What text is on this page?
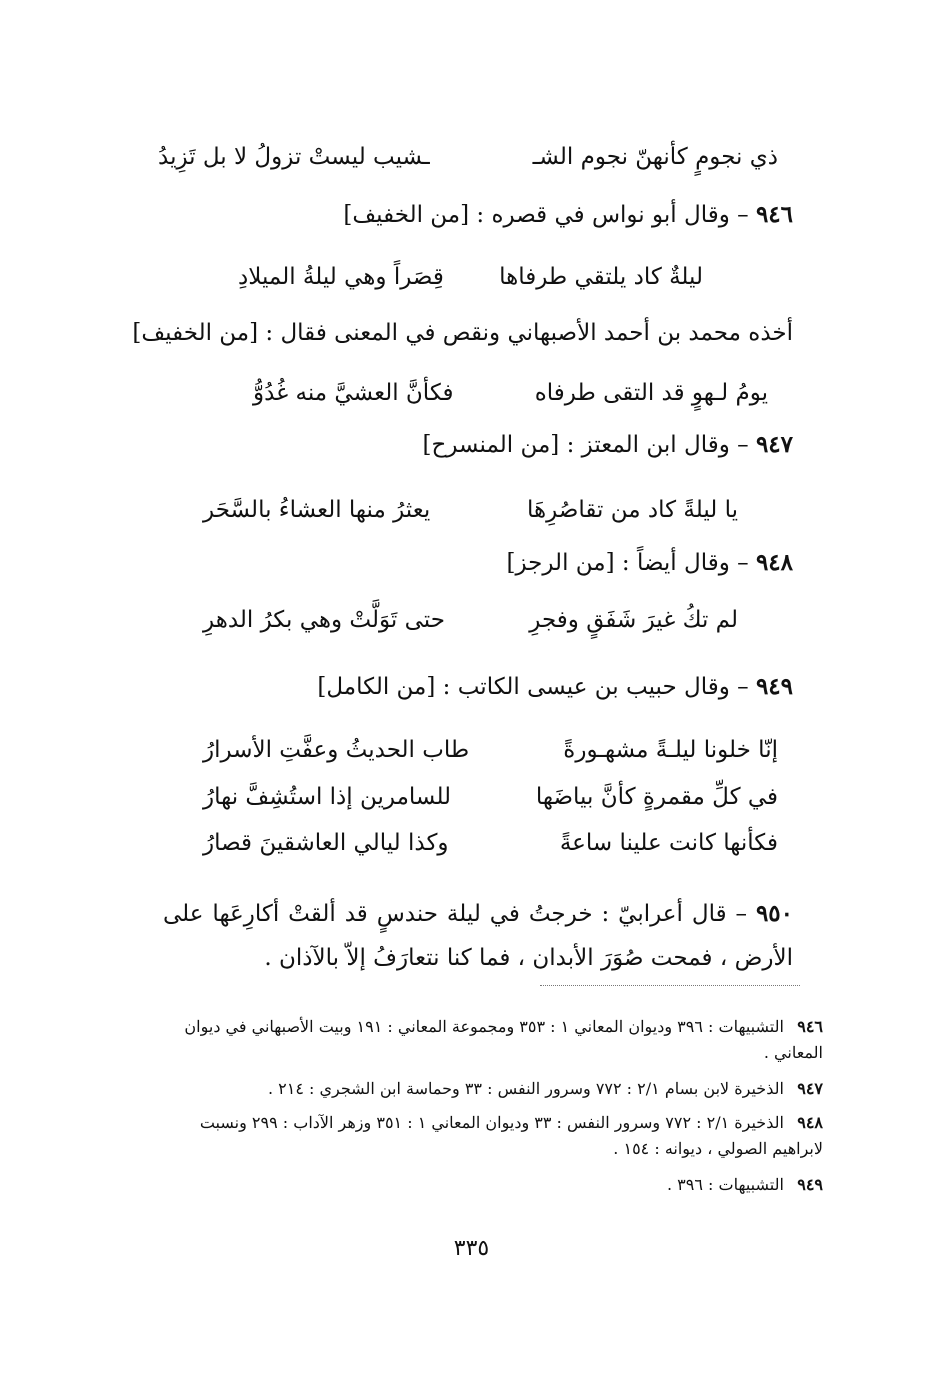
ذي نجومٍ كأنهنّ نجوم الشـ
ـشيب ليستْ تزولُ لا بل تَزِيدُ
٩٤٦ – وقال أبو نواس في قصره : [من الخفيف]
ليلةٌ كاد يلتقي طرفاها
قِصَراً وهي ليلةُ الميلادِ
أخذه محمد بن أحمد الأصبهاني ونقص في المعنى فقال : [من الخفيف]
يومُ لـهوٍ قد التقى طرفاه
فكأنَّ العشيَّ منه غُدُوُّ
٩٤٧ – وقال ابن المعتز : [من المنسرح]
يا ليلةً كاد من تقاصُرِهَا
يعثرُ منها العشاءُ بالسَّحَر
٩٤٨ – وقال أيضاً : [من الرجز]
لم تكُ غيرَ شَفَقٍ وفجرِ
حتى تَوَلَّتْ وهي بكرُ الدهرِ
٩٤٩ – وقال حبيب بن عيسى الكاتب : [من الكامل]
إنّا خلونا ليلـةً مشهـورةً
طاب الحديثُ وعفَّتِ الأسرارُ
في كلِّ مقمرةٍ كأنَّ بياضَها
للسامرين إذا استُشِفَّ نهارُ
فكأنها كانت علينا ساعةً
وكذا ليالي العاشقينَ قصارُ
٩٥٠ – قال أعرابيّ : خرجتُ في ليلة حندسٍ قد ألقتْ أكارِعَها على الأرض ، فمحت صُوَرَ الأبدان ، فما كنا نتعارَفُ إلاّ بالآذان .
٩٤٦ التشبيهات : ٣٩٦ وديوان المعاني ١ : ٣٥٣ ومجموعة المعاني : ١٩١ وبيت الأصبهاني في ديوان المعاني .
٩٤٧ الذخيرة لابن بسام ٢/١ : ٧٧٢ وسرور النفس : ٣٣ وحماسة ابن الشجري : ٢١٤ .
٩٤٨ الذخيرة ٢/١ : ٧٧٢ وسرور النفس : ٣٣ وديوان المعاني ١ : ٣٥١ وزهر الآداب : ٢٩٩ ونسبت لابراهيم الصولي ، ديوانه : ١٥٤ .
٩٤٩ التشبيهات : ٣٩٦ .
٣٣٥
